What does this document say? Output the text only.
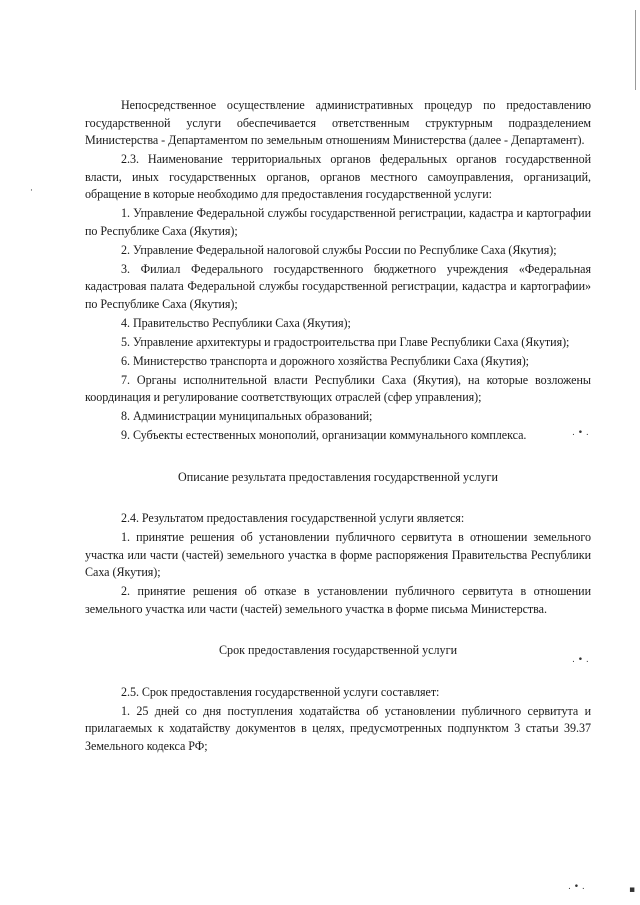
·
. • .
. • .
. • .	▪

Непосредственное осуществление административных процедур по предоставлению государственной услуги обеспечивается ответственным структурным подразделением Министерства - Департаментом по земельным отношениям Министерства (далее - Департамент).

2.3. Наименование территориальных органов федеральных органов государственной власти, иных государственных органов, органов местного самоуправления, организаций, обращение в которые необходимо для предоставления государственной услуги:

1. Управление Федеральной службы государственной регистрации, кадастра и картографии по Республике Саха (Якутия);

2. Управление Федеральной налоговой службы России по Республике Саха (Якутия);

3. Филиал Федерального государственного бюджетного учреждения «Федеральная кадастровая палата Федеральной службы государственной регистрации, кадастра и картографии» по Республике Саха (Якутия);

4. Правительство Республики Саха (Якутия);

5. Управление архитектуры и градостроительства при Главе Республики Саха (Якутия);

6. Министерство транспорта и дорожного хозяйства Республики Саха (Якутия);

7. Органы исполнительной власти Республики Саха (Якутия), на которые возложены координация и регулирование соответствующих отраслей (сфер управления);

8. Администрации муниципальных образований;

9. Субъекты естественных монополий, организации коммунального комплекса.

Описание результата предоставления государственной услуги

2.4. Результатом предоставления государственной услуги является:

1. принятие решения об установлении публичного сервитута в отношении земельного участка или части (частей) земельного участка в форме распоряжения Правительства Республики Саха (Якутия);

2. принятие решения об отказе в установлении публичного сервитута в отношении земельного участка или части (частей) земельного участка в форме письма Министерства.

Срок предоставления государственной услуги

2.5. Срок предоставления государственной услуги составляет:

1. 25 дней со дня поступления ходатайства об установлении публичного сервитута и прилагаемых к ходатайству документов в целях, предусмотренных подпунктом 3 статьи 39.37 Земельного кодекса РФ;
